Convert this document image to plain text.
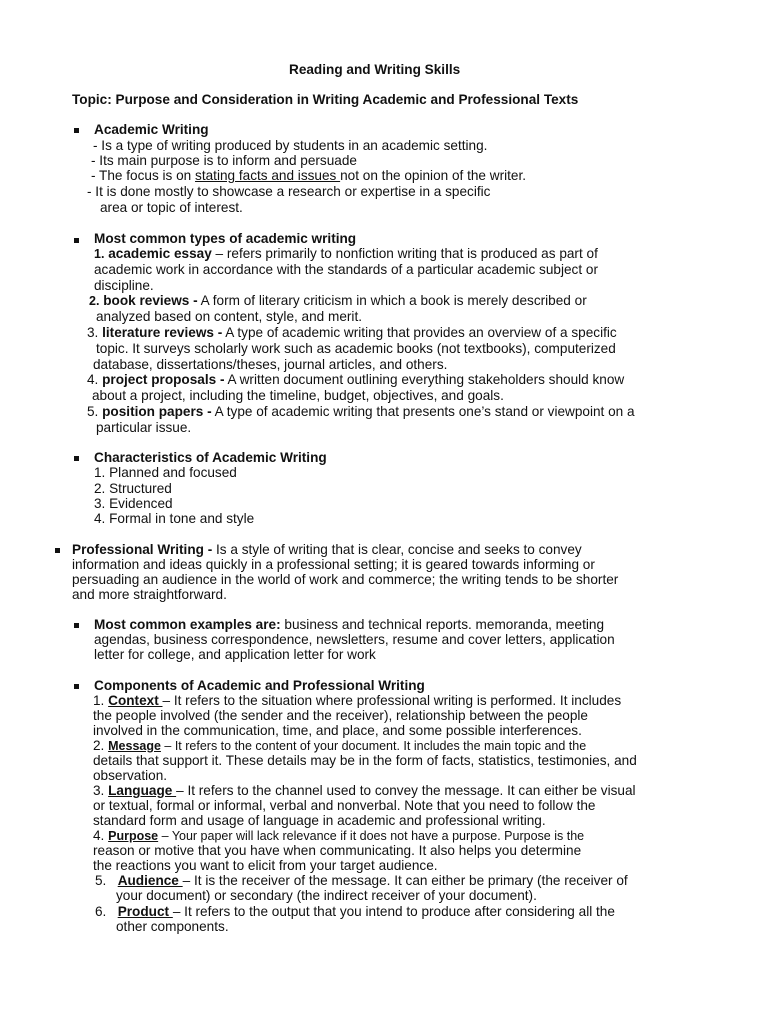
Reading and Writing Skills
Topic: Purpose and Consideration in Writing Academic and Professional Texts
Academic Writing
- Is a type of writing produced by students in an academic setting.
- Its main purpose is to inform and persuade
- The focus is on stating facts and issues not on the opinion of the writer.
- It is done mostly to showcase a research or expertise in a specific
area or topic of interest.
Most common types of academic writing
1. academic essay – refers primarily to nonfiction writing that is produced as part of
academic work in accordance with the standards of a particular academic subject or
discipline.
2. book reviews - A form of literary criticism in which a book is merely described or
analyzed based on content, style, and merit.
3. literature reviews - A type of academic writing that provides an overview of a specific
topic. It surveys scholarly work such as academic books (not textbooks), computerized
database, dissertations/theses, journal articles, and others.
4. project proposals - A written document outlining everything stakeholders should know
about a project, including the timeline, budget, objectives, and goals.
5. position papers - A type of academic writing that presents one’s stand or viewpoint on a
particular issue.
Characteristics of Academic Writing
1. Planned and focused
2. Structured
3. Evidenced
4. Formal in tone and style
Professional Writing - Is a style of writing that is clear, concise and seeks to convey
information and ideas quickly in a professional setting; it is geared towards informing or
persuading an audience in the world of work and commerce; the writing tends to be shorter
and more straightforward.
Most common examples are: business and technical reports. memoranda, meeting
agendas, business correspondence, newsletters, resume and cover letters, application
letter for college, and application letter for work
Components of Academic and Professional Writing
1. Context – It refers to the situation where professional writing is performed. It includes
the people involved (the sender and the receiver), relationship between the people
involved in the communication, time, and place, and some possible interferences.
2. Message – It refers to the content of your document. It includes the main topic and the
details that support it. These details may be in the form of facts, statistics, testimonies, and
observation.
3. Language – It refers to the channel used to convey the message. It can either be visual
or textual, formal or informal, verbal and nonverbal. Note that you need to follow the
standard form and usage of language in academic and professional writing.
4. Purpose – Your paper will lack relevance if it does not have a purpose. Purpose is the
reason or motive that you have when communicating. It also helps you determine
the reactions you want to elicit from your target audience.
5. Audience – It is the receiver of the message. It can either be primary (the receiver of
your document) or secondary (the indirect receiver of your document).
6. Product – It refers to the output that you intend to produce after considering all the
other components.
